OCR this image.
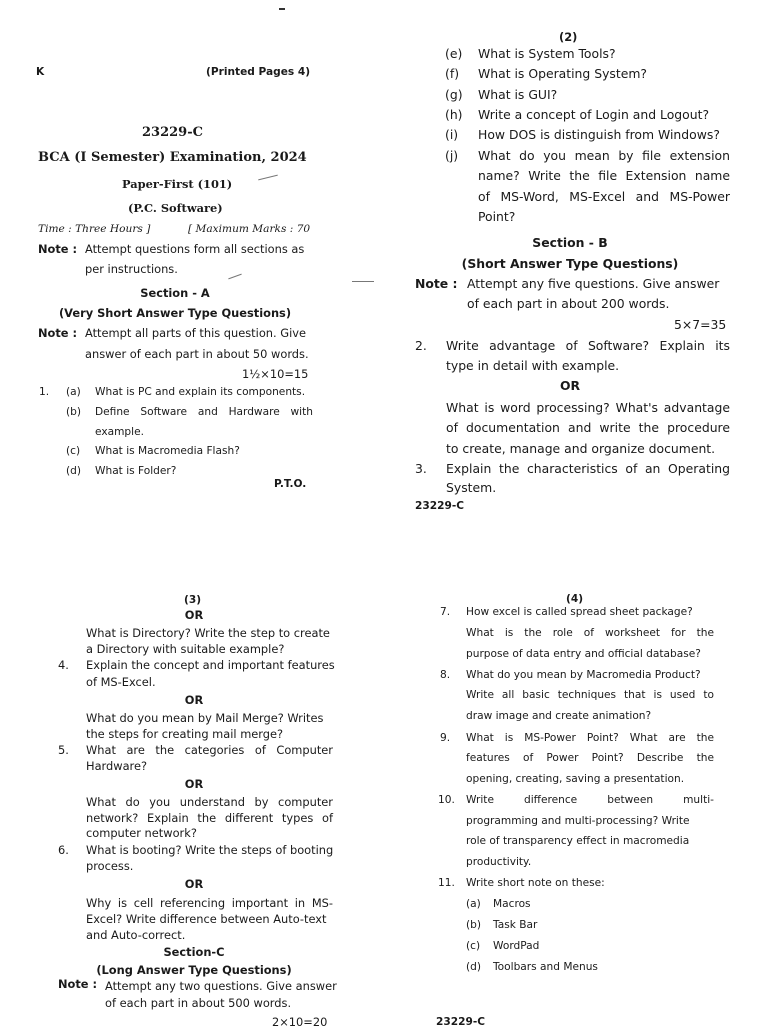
K	(Printed Pages 4)
23229-C
BCA (I Semester) Examination, 2024
Paper-First (101)
(P.C. Software)
Time : Three Hours ]	[ Maximum Marks : 70
Note : Attempt questions form all sections as
per instructions.
Section - A
(Very Short Answer Type Questions)
Note : Attempt all parts of this question. Give
answer of each part in about 50 words.
1½×10=15
1. (a) What is PC and explain its components.
(b) Define Software and Hardware with
example.
(c) What is Macromedia Flash?
(d) What is Folder?
P.T.O.
(2)
(e) What is System Tools?
(f) What is Operating System?
(g) What is GUI?
(h) Write a concept of Login and Logout?
(i) How DOS is distinguish from Windows?
(j) What do you mean by file extension
name? Write the file Extension name
of MS-Word, MS-Excel and MS-Power
Point?
Section - B
(Short Answer Type Questions)
Note : Attempt any five questions. Give answer
of each part in about 200 words.
5×7=35
2. Write advantage of Software? Explain its
type in detail with example.
OR
What is word processing? What's advantage
of documentation and write the procedure
to create, manage and organize document.
3. Explain the characteristics of an Operating
System.
23229-C
(3)
OR
What is Directory? Write the step to create
a Directory with suitable example?
4. Explain the concept and important features
of MS-Excel.
OR
What do you mean by Mail Merge? Writes
the steps for creating mail merge?
5. What are the categories of Computer
Hardware?
OR
What do you understand by computer
network? Explain the different types of
computer network?
6. What is booting? Write the steps of booting
process.
OR
Why is cell referencing important in MS-
Excel? Write difference between Auto-text
and Auto-correct.
Section-C
(Long Answer Type Questions)
Note : Attempt any two questions. Give answer
of each part in about 500 words.
2×10=20
(4)
7. How excel is called spread sheet package?
What is the role of worksheet for the
purpose of data entry and official database?
8. What do you mean by Macromedia Product?
Write all basic techniques that is used to
draw image and create animation?
9. What is MS-Power Point? What are the
features of Power Point? Describe the
opening, creating, saving a presentation.
10. Write difference between multi-
programming and multi-processing? Write
role of transparency effect in macromedia
productivity.
11. Write short note on these:
(a) Macros
(b) Task Bar
(c) WordPad
(d) Toolbars and Menus
23229-C
